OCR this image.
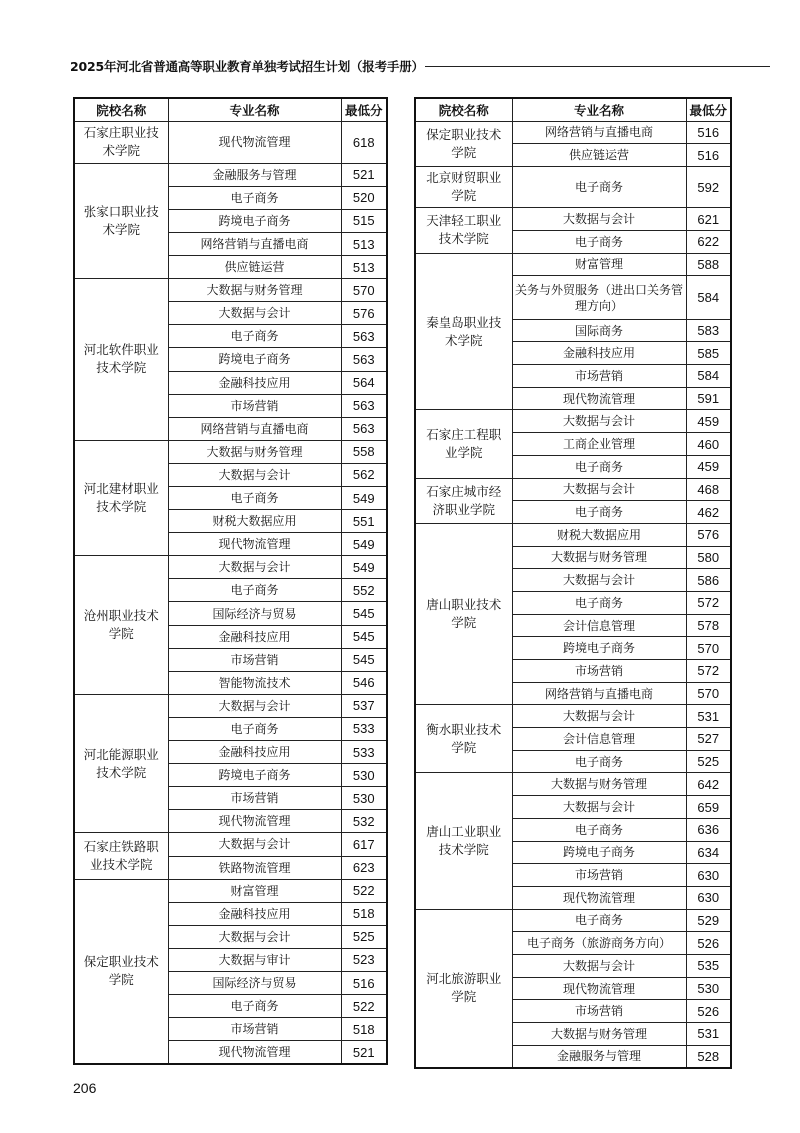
2025年河北省普通高等职业教育单独考试招生计划（报考手册）
院校名称	专业名称	最低分
石家庄职业技术学院	现代物流管理	618
张家口职业技术学院	金融服务与管理	521
	电子商务	520
	跨境电子商务	515
	网络营销与直播电商	513
	供应链运营	513
河北软件职业技术学院	大数据与财务管理	570
	大数据与会计	576
	电子商务	563
	跨境电子商务	563
	金融科技应用	564
	市场营销	563
	网络营销与直播电商	563
河北建材职业技术学院	大数据与财务管理	558
	大数据与会计	562
	电子商务	549
	财税大数据应用	551
	现代物流管理	549
沧州职业技术学院	大数据与会计	549
	电子商务	552
	国际经济与贸易	545
	金融科技应用	545
	市场营销	545
	智能物流技术	546
河北能源职业技术学院	大数据与会计	537
	电子商务	533
	金融科技应用	533
	跨境电子商务	530
	市场营销	530
	现代物流管理	532
石家庄铁路职业技术学院	大数据与会计	617
	铁路物流管理	623
保定职业技术学院	财富管理	522
	金融科技应用	518
	大数据与会计	525
	大数据与审计	523
	国际经济与贸易	516
	电子商务	522
	市场营销	518
	现代物流管理	521
院校名称	专业名称	最低分
保定职业技术学院	网络营销与直播电商	516
	供应链运营	516
北京财贸职业学院	电子商务	592
天津轻工职业技术学院	大数据与会计	621
	电子商务	622
秦皇岛职业技术学院	财富管理	588
	关务与外贸服务（进出口关务管理方向）	584
	国际商务	583
	金融科技应用	585
	市场营销	584
	现代物流管理	591
石家庄工程职业学院	大数据与会计	459
	工商企业管理	460
	电子商务	459
石家庄城市经济职业学院	大数据与会计	468
	电子商务	462
唐山职业技术学院	财税大数据应用	576
	大数据与财务管理	580
	大数据与会计	586
	电子商务	572
	会计信息管理	578
	跨境电子商务	570
	市场营销	572
	网络营销与直播电商	570
衡水职业技术学院	大数据与会计	531
	会计信息管理	527
	电子商务	525
唐山工业职业技术学院	大数据与财务管理	642
	大数据与会计	659
	电子商务	636
	跨境电子商务	634
	市场营销	630
	现代物流管理	630
河北旅游职业学院	电子商务	529
	电子商务（旅游商务方向）	526
	大数据与会计	535
	现代物流管理	530
	市场营销	526
	大数据与财务管理	531
	金融服务与管理	528
206
